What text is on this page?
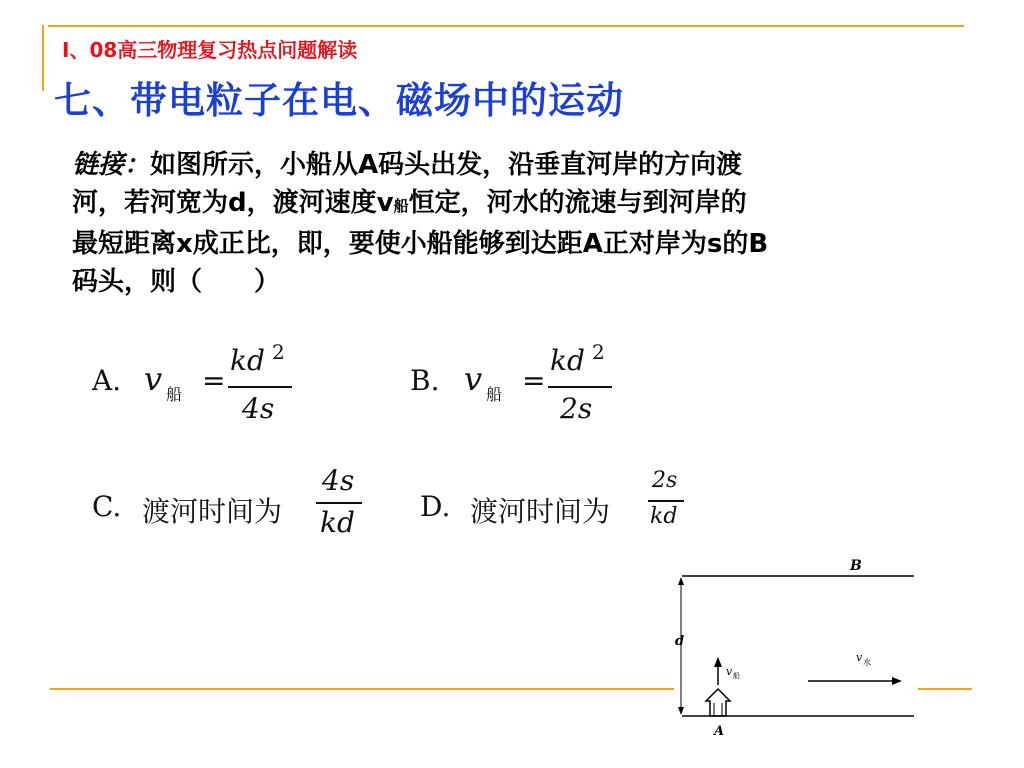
Ⅰ、08高三物理复习热点问题解读
七、带电粒子在电、磁场中的运动
链接：如图所示，小船从A码头出发，沿垂直河岸的方向渡
河，若河宽为d，渡河速度v船恒定，河水的流速与到河岸的
最短距离x成正比，即，要使小船能够到达距A正对岸为s的B
码头，则（　　）
A. v 船 =
kd 2
4s
B. v 船 =
kd 2
2s
C. 渡河时间为
4s
kd D. 渡河时间为
2s
kd
d
B
A
v 船
v 水
